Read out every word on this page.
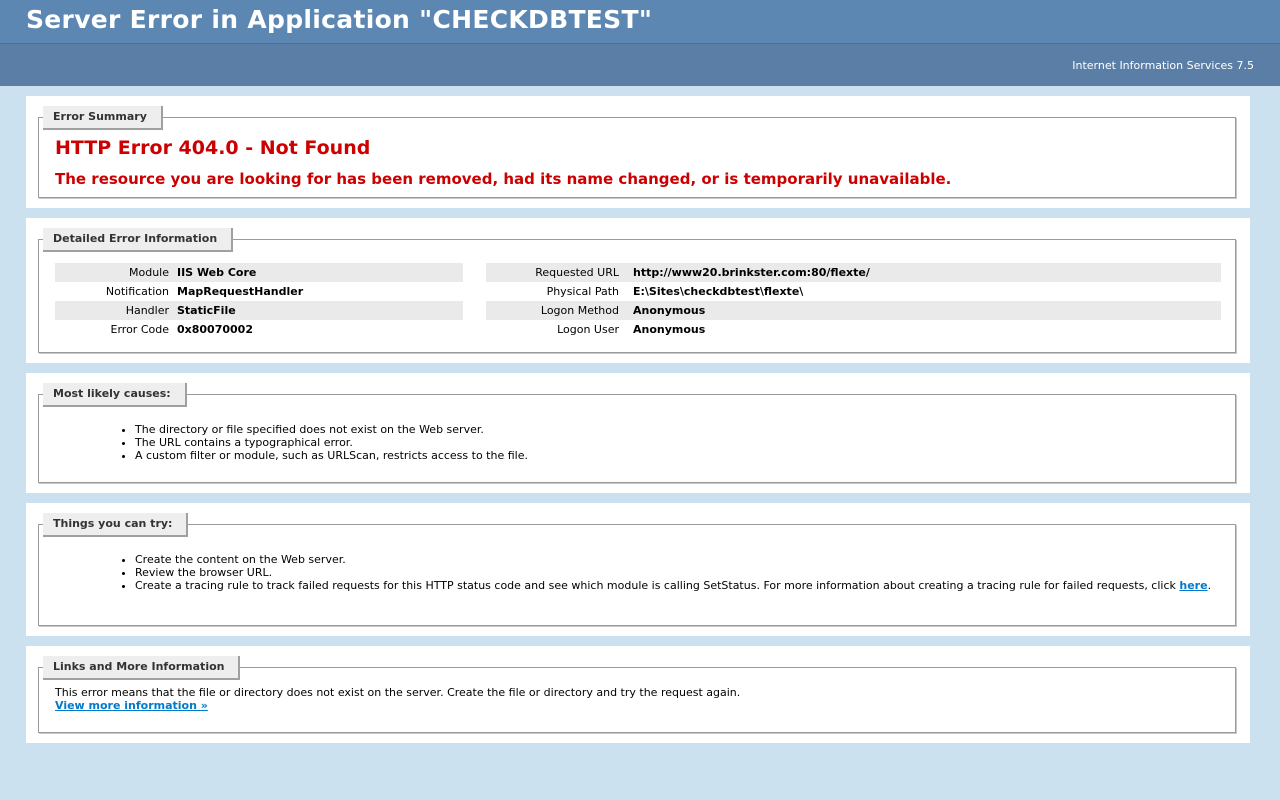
Server Error in Application "CHECKDBTEST"
Internet Information Services 7.5
Error Summary
HTTP Error 404.0 - Not Found
The resource you are looking for has been removed, had its name changed, or is temporarily unavailable.
Detailed Error Information
Module IIS Web Core
Notification MapRequestHandler
Handler StaticFile
Error Code 0x80070002
Requested URL http://www20.brinkster.com:80/flexte/
Physical Path E:\Sites\checkdbtest\flexte\
Logon Method Anonymous
Logon User Anonymous
Most likely causes:
• The directory or file specified does not exist on the Web server.
• The URL contains a typographical error.
• A custom filter or module, such as URLScan, restricts access to the file.
Things you can try:
• Create the content on the Web server.
• Review the browser URL.
• Create a tracing rule to track failed requests for this HTTP status code and see which module is calling SetStatus. For more information about creating a tracing rule for failed requests, click here.
Links and More Information
This error means that the file or directory does not exist on the server. Create the file or directory and try the request again.
View more information »
